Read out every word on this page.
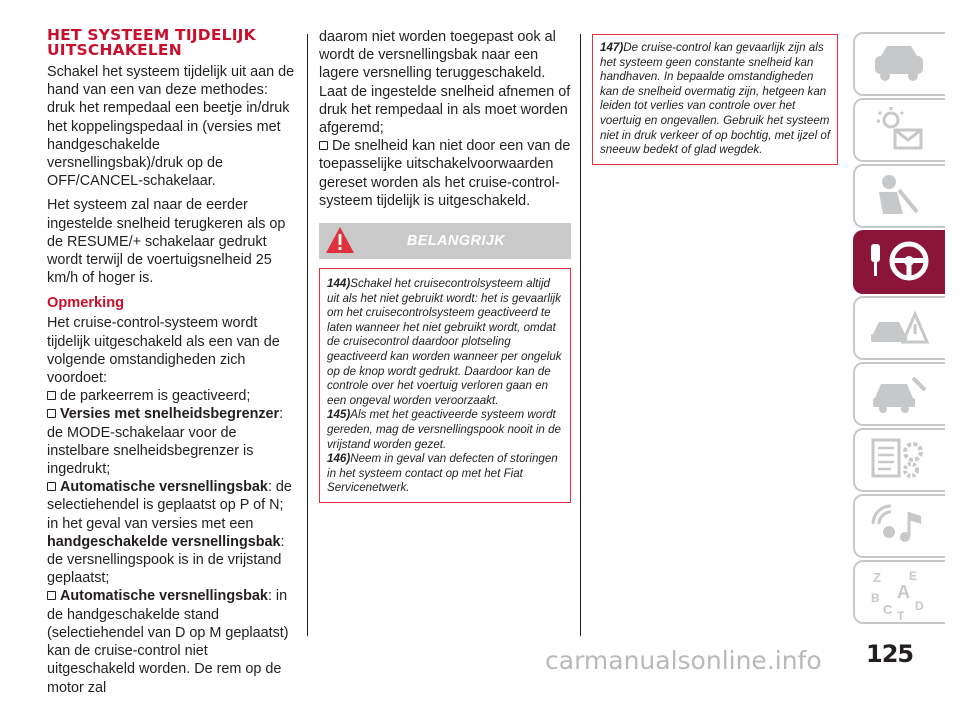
HET SYSTEEM TIJDELIJK
UITSCHAKELEN

Schakel het systeem tijdelijk uit aan de hand van een van deze methodes: druk het rempedaal een beetje in/druk het koppelingspedaal in (versies met handgeschakelde versnellingsbak)/druk op de OFF/CANCEL-schakelaar.

Het systeem zal naar de eerder ingestelde snelheid terugkeren als op de RESUME/+ schakelaar gedrukt wordt terwijl de voertuigsnelheid 25 km/h of hoger is.

Opmerking

Het cruise-control-systeem wordt tijdelijk uitgeschakeld als een van de volgende omstandigheden zich voordoet:

de parkeerrem is geactiveerd;
Versies met snelheidsbegrenzer: de MODE-schakelaar voor de instelbare snelheidsbegrenzer is ingedrukt;
Automatische versnellingsbak: de selectiehendel is geplaatst op P of N; in het geval van versies met een handgeschakelde versnellingsbak: de versnellingspook is in de vrijstand geplaatst;
Automatische versnellingsbak: in de handgeschakelde stand (selectiehendel van D op M geplaatst) kan de cruise-control niet uitgeschakeld worden. De rem op de motor zal

daarom niet worden toegepast ook al wordt de versnellingsbak naar een lagere versnelling teruggeschakeld. Laat de ingestelde snelheid afnemen of druk het rempedaal in als moet worden afgeremd;

De snelheid kan niet door een van de toepasselijke uitschakelvoorwaarden gereset worden als het cruise-control-systeem tijdelijk is uitgeschakeld.
BELANGRIJK

144)Schakel het cruisecontrolsysteem altijd uit als het niet gebruikt wordt: het is gevaarlijk om het cruisecontrolsysteem geactiveerd te laten wanneer het niet gebruikt wordt, omdat de cruisecontrol daardoor plotseling geactiveerd kan worden wanneer per ongeluk op de knop wordt gedrukt. Daardoor kan de controle over het voertuig verloren gaan en een ongeval worden veroorzaakt.

145)Als met het geactiveerde systeem wordt gereden, mag de versnellingspook nooit in de vrijstand worden gezet.

146)Neem in geval van defecten of storingen in het systeem contact op met het Fiat Servicenetwerk.

147)De cruise-control kan gevaarlijk zijn als het systeem geen constante snelheid kan handhaven. In bepaalde omstandigheden kan de snelheid overmatig zijn, hetgeen kan leiden tot verlies van controle over het voertuig en ongevallen. Gebruik het systeem niet in druk verkeer of op bochtig, met ijzel of sneeuw bedekt of glad wegdek.

Z E
A
B
D
C T
125
carmanualsonline.info
